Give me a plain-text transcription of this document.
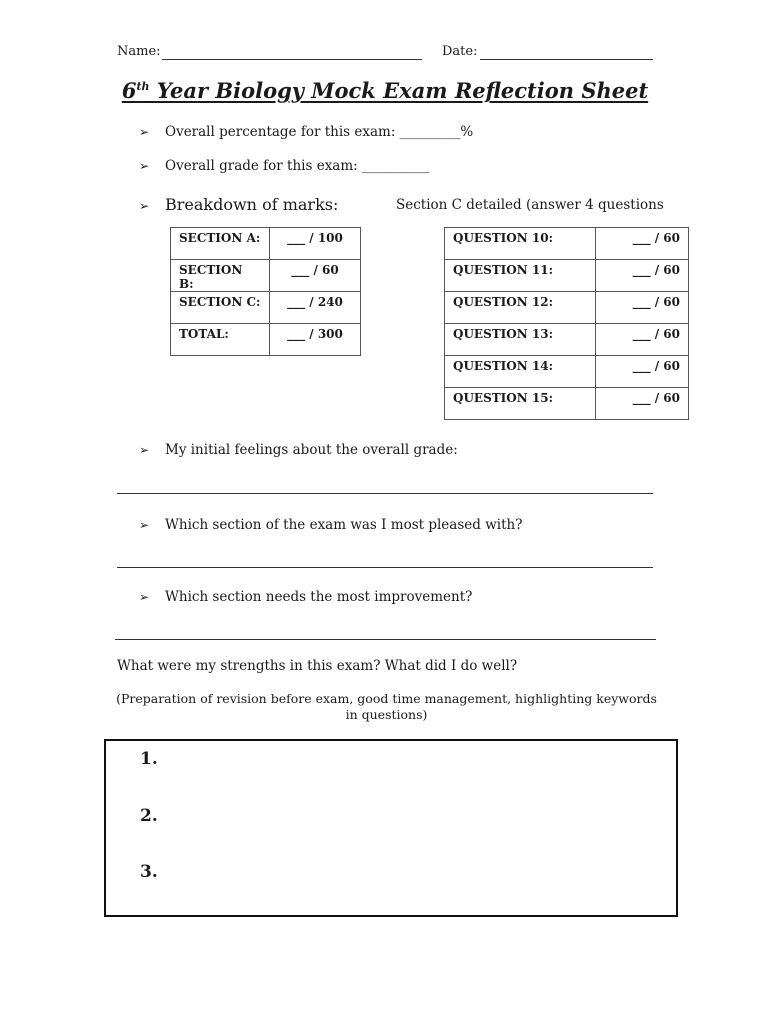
Name:	Date:
6th Year Biology Mock Exam Reflection Sheet
➢ Overall percentage for this exam: _________%
➢ Overall grade for this exam: __________
➢ Breakdown of marks:	Section C detailed (answer 4 questions
SECTION A:	___ / 100
SECTION B:	___ / 60
SECTION C:	___ / 240
TOTAL:	___ / 300
QUESTION 10:	___ / 60
QUESTION 11:	___ / 60
QUESTION 12:	___ / 60
QUESTION 13:	___ / 60
QUESTION 14:	___ / 60
QUESTION 15:	___ / 60
➢ My initial feelings about the overall grade:
➢ Which section of the exam was I most pleased with?
➢ Which section needs the most improvement?
What were my strengths in this exam? What did I do well?
(Preparation of revision before exam, good time management, highlighting keywords in questions)
1.
2.
3.
